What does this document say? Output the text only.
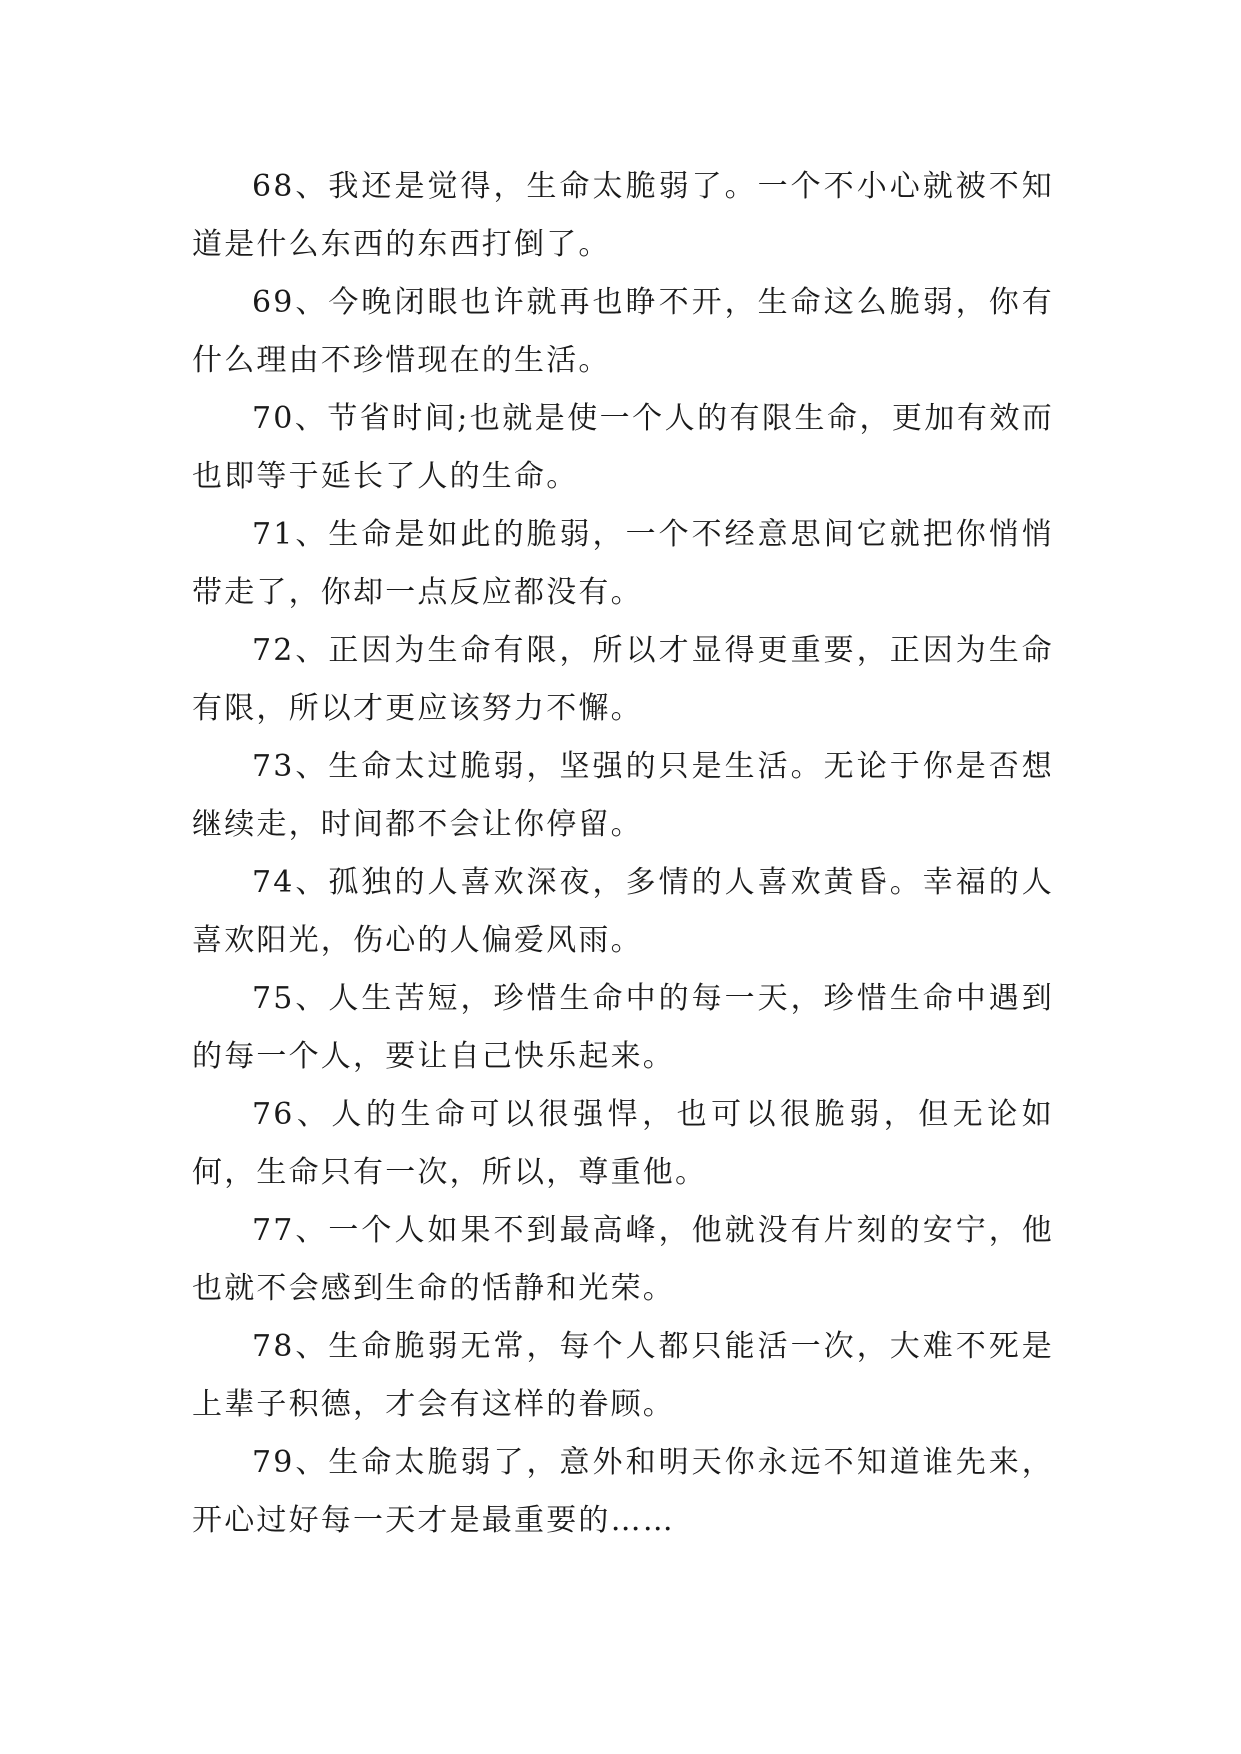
68、我还是觉得，生命太脆弱了。一个不小心就被不知道是什么东西的东西打倒了。

69、今晚闭眼也许就再也睁不开，生命这么脆弱，你有什么理由不珍惜现在的生活。

70、节省时间;也就是使一个人的有限生命，更加有效而也即等于延长了人的生命。

71、生命是如此的脆弱，一个不经意思间它就把你悄悄带走了，你却一点反应都没有。

72、正因为生命有限，所以才显得更重要，正因为生命有限，所以才更应该努力不懈。

73、生命太过脆弱，坚强的只是生活。无论于你是否想继续走，时间都不会让你停留。

74、孤独的人喜欢深夜，多情的人喜欢黄昏。幸福的人喜欢阳光，伤心的人偏爱风雨。

75、人生苦短，珍惜生命中的每一天，珍惜生命中遇到的每一个人，要让自己快乐起来。

76、人的生命可以很强悍，也可以很脆弱，但无论如何，生命只有一次，所以，尊重他。

77、一个人如果不到最高峰，他就没有片刻的安宁，他也就不会感到生命的恬静和光荣。

78、生命脆弱无常，每个人都只能活一次，大难不死是上辈子积德，才会有这样的眷顾。

79、生命太脆弱了，意外和明天你永远不知道谁先来，开心过好每一天才是最重要的……
